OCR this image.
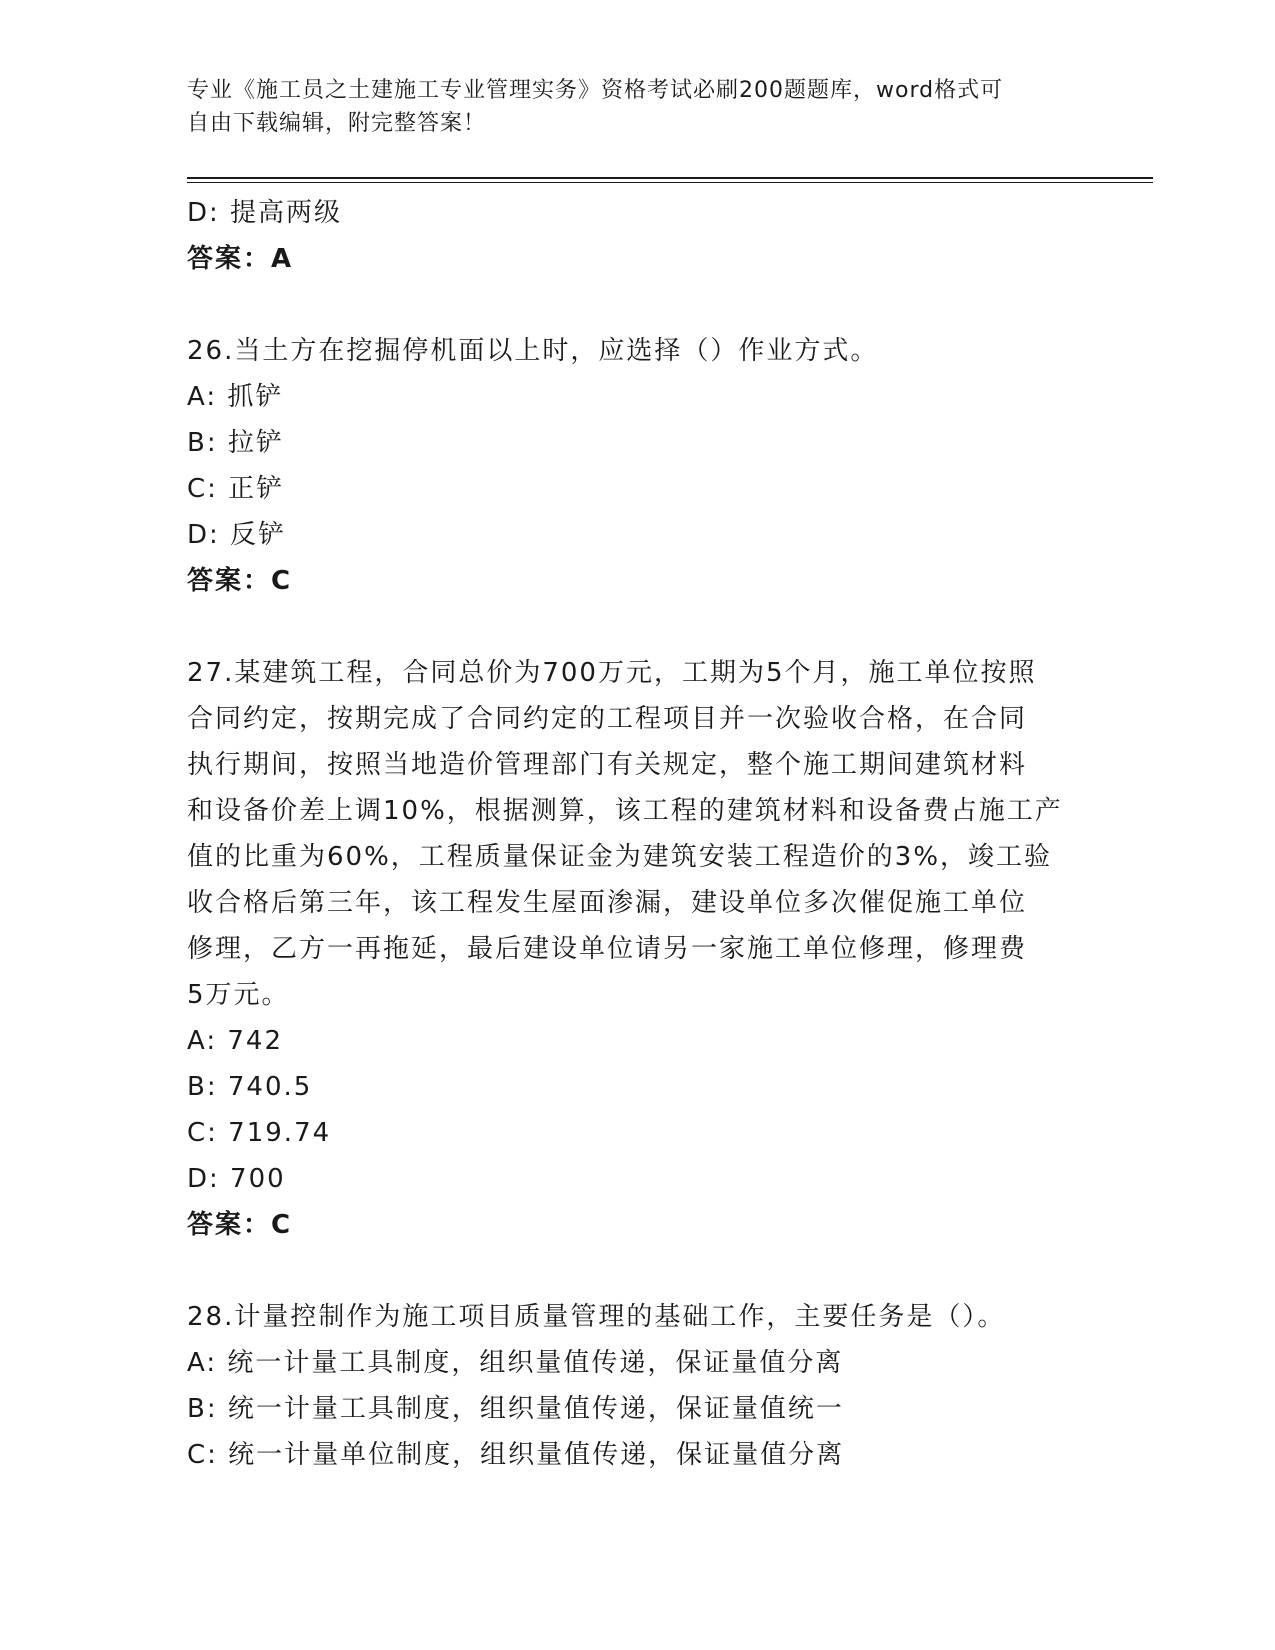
专业《施工员之土建施工专业管理实务》资格考试必刷200题题库，word格式可
自由下载编辑，附完整答案！
D: 提高两级
答案：A
26.当土方在挖掘停机面以上时，应选择（）作业方式。
A: 抓铲
B: 拉铲
C: 正铲
D: 反铲
答案：C
27.某建筑工程，合同总价为700万元，工期为5个月，施工单位按照
合同约定，按期完成了合同约定的工程项目并一次验收合格，在合同
执行期间，按照当地造价管理部门有关规定，整个施工期间建筑材料
和设备价差上调10%，根据测算，该工程的建筑材料和设备费占施工产
值的比重为60%，工程质量保证金为建筑安装工程造价的3%，竣工验
收合格后第三年，该工程发生屋面渗漏，建设单位多次催促施工单位
修理，乙方一再拖延，最后建设单位请另一家施工单位修理，修理费
5万元。
A: 742
B: 740.5
C: 719.74
D: 700
答案：C
28.计量控制作为施工项目质量管理的基础工作，主要任务是（）。
A: 统一计量工具制度，组织量值传递，保证量值分离
B: 统一计量工具制度，组织量值传递，保证量值统一
C: 统一计量单位制度，组织量值传递，保证量值分离
